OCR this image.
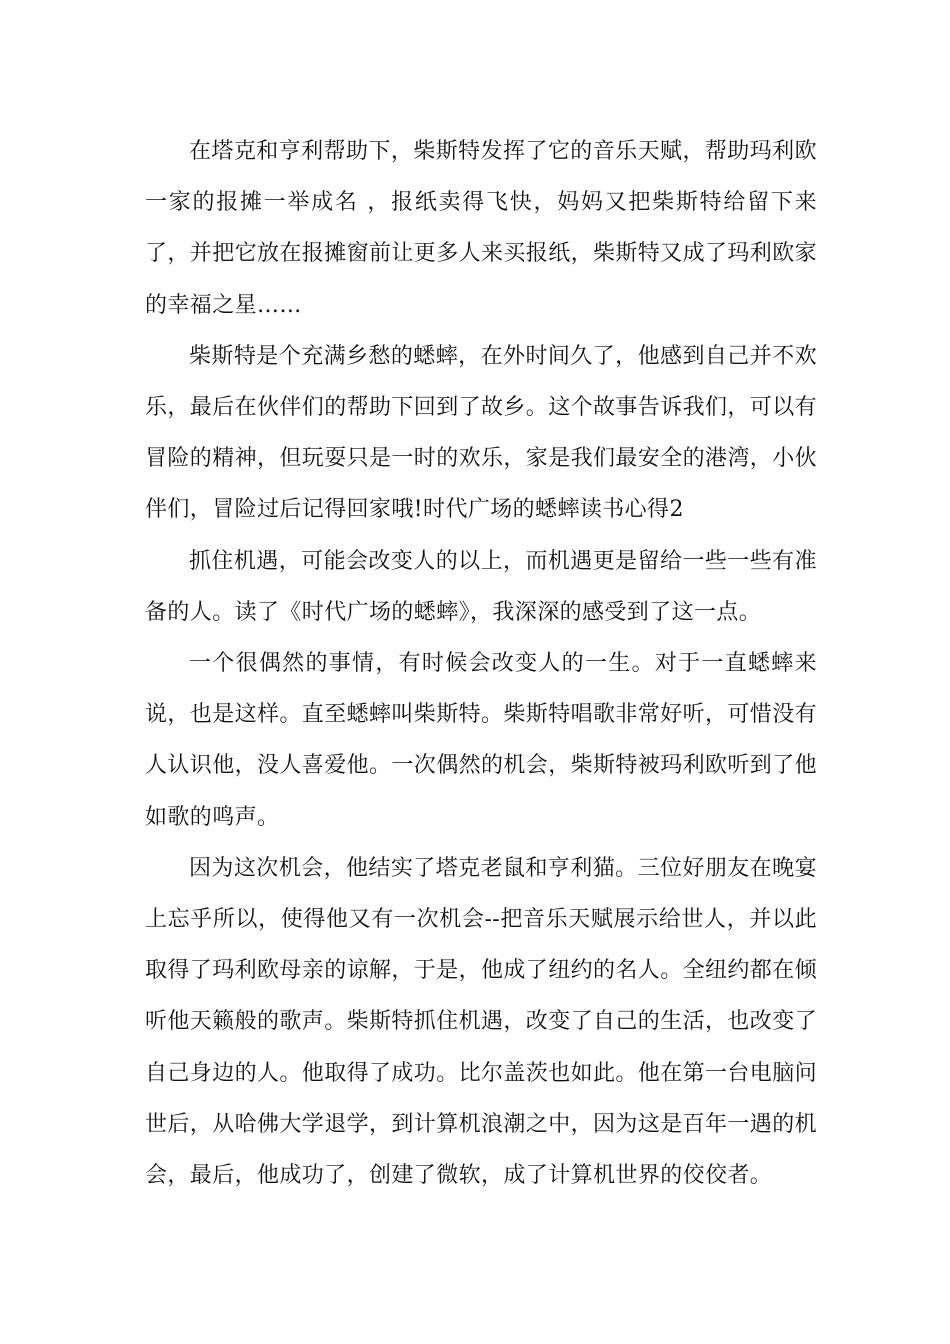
在塔克和亨利帮助下，柴斯特发挥了它的音乐天赋，帮助玛利欧一家的报摊一举成名 ，报纸卖得飞快，妈妈又把柴斯特给留下来了，并把它放在报摊窗前让更多人来买报纸，柴斯特又成了玛利欧家的幸福之星……

柴斯特是个充满乡愁的蟋蟀，在外时间久了，他感到自己并不欢乐，最后在伙伴们的帮助下回到了故乡。这个故事告诉我们，可以有冒险的精神，但玩耍只是一时的欢乐，家是我们最安全的港湾，小伙伴们，冒险过后记得回家哦!时代广场的蟋蟀读书心得2

抓住机遇，可能会改变人的以上，而机遇更是留给一些一些有准备的人。读了《时代广场的蟋蟀》，我深深的感受到了这一点。

一个很偶然的事情，有时候会改变人的一生。对于一直蟋蟀来说，也是这样。直至蟋蟀叫柴斯特。柴斯特唱歌非常好听，可惜没有人认识他，没人喜爱他。一次偶然的机会，柴斯特被玛利欧听到了他如歌的鸣声。

因为这次机会，他结实了塔克老鼠和亨利猫。三位好朋友在晚宴上忘乎所以，使得他又有一次机会--把音乐天赋展示给世人，并以此取得了玛利欧母亲的谅解，于是，他成了纽约的名人。全纽约都在倾听他天籁般的歌声。柴斯特抓住机遇，改变了自己的生活，也改变了自己身边的人。他取得了成功。比尔盖茨也如此。他在第一台电脑问世后，从哈佛大学退学，到计算机浪潮之中，因为这是百年一遇的机会，最后，他成功了，创建了微软，成了计算机世界的佼佼者。
